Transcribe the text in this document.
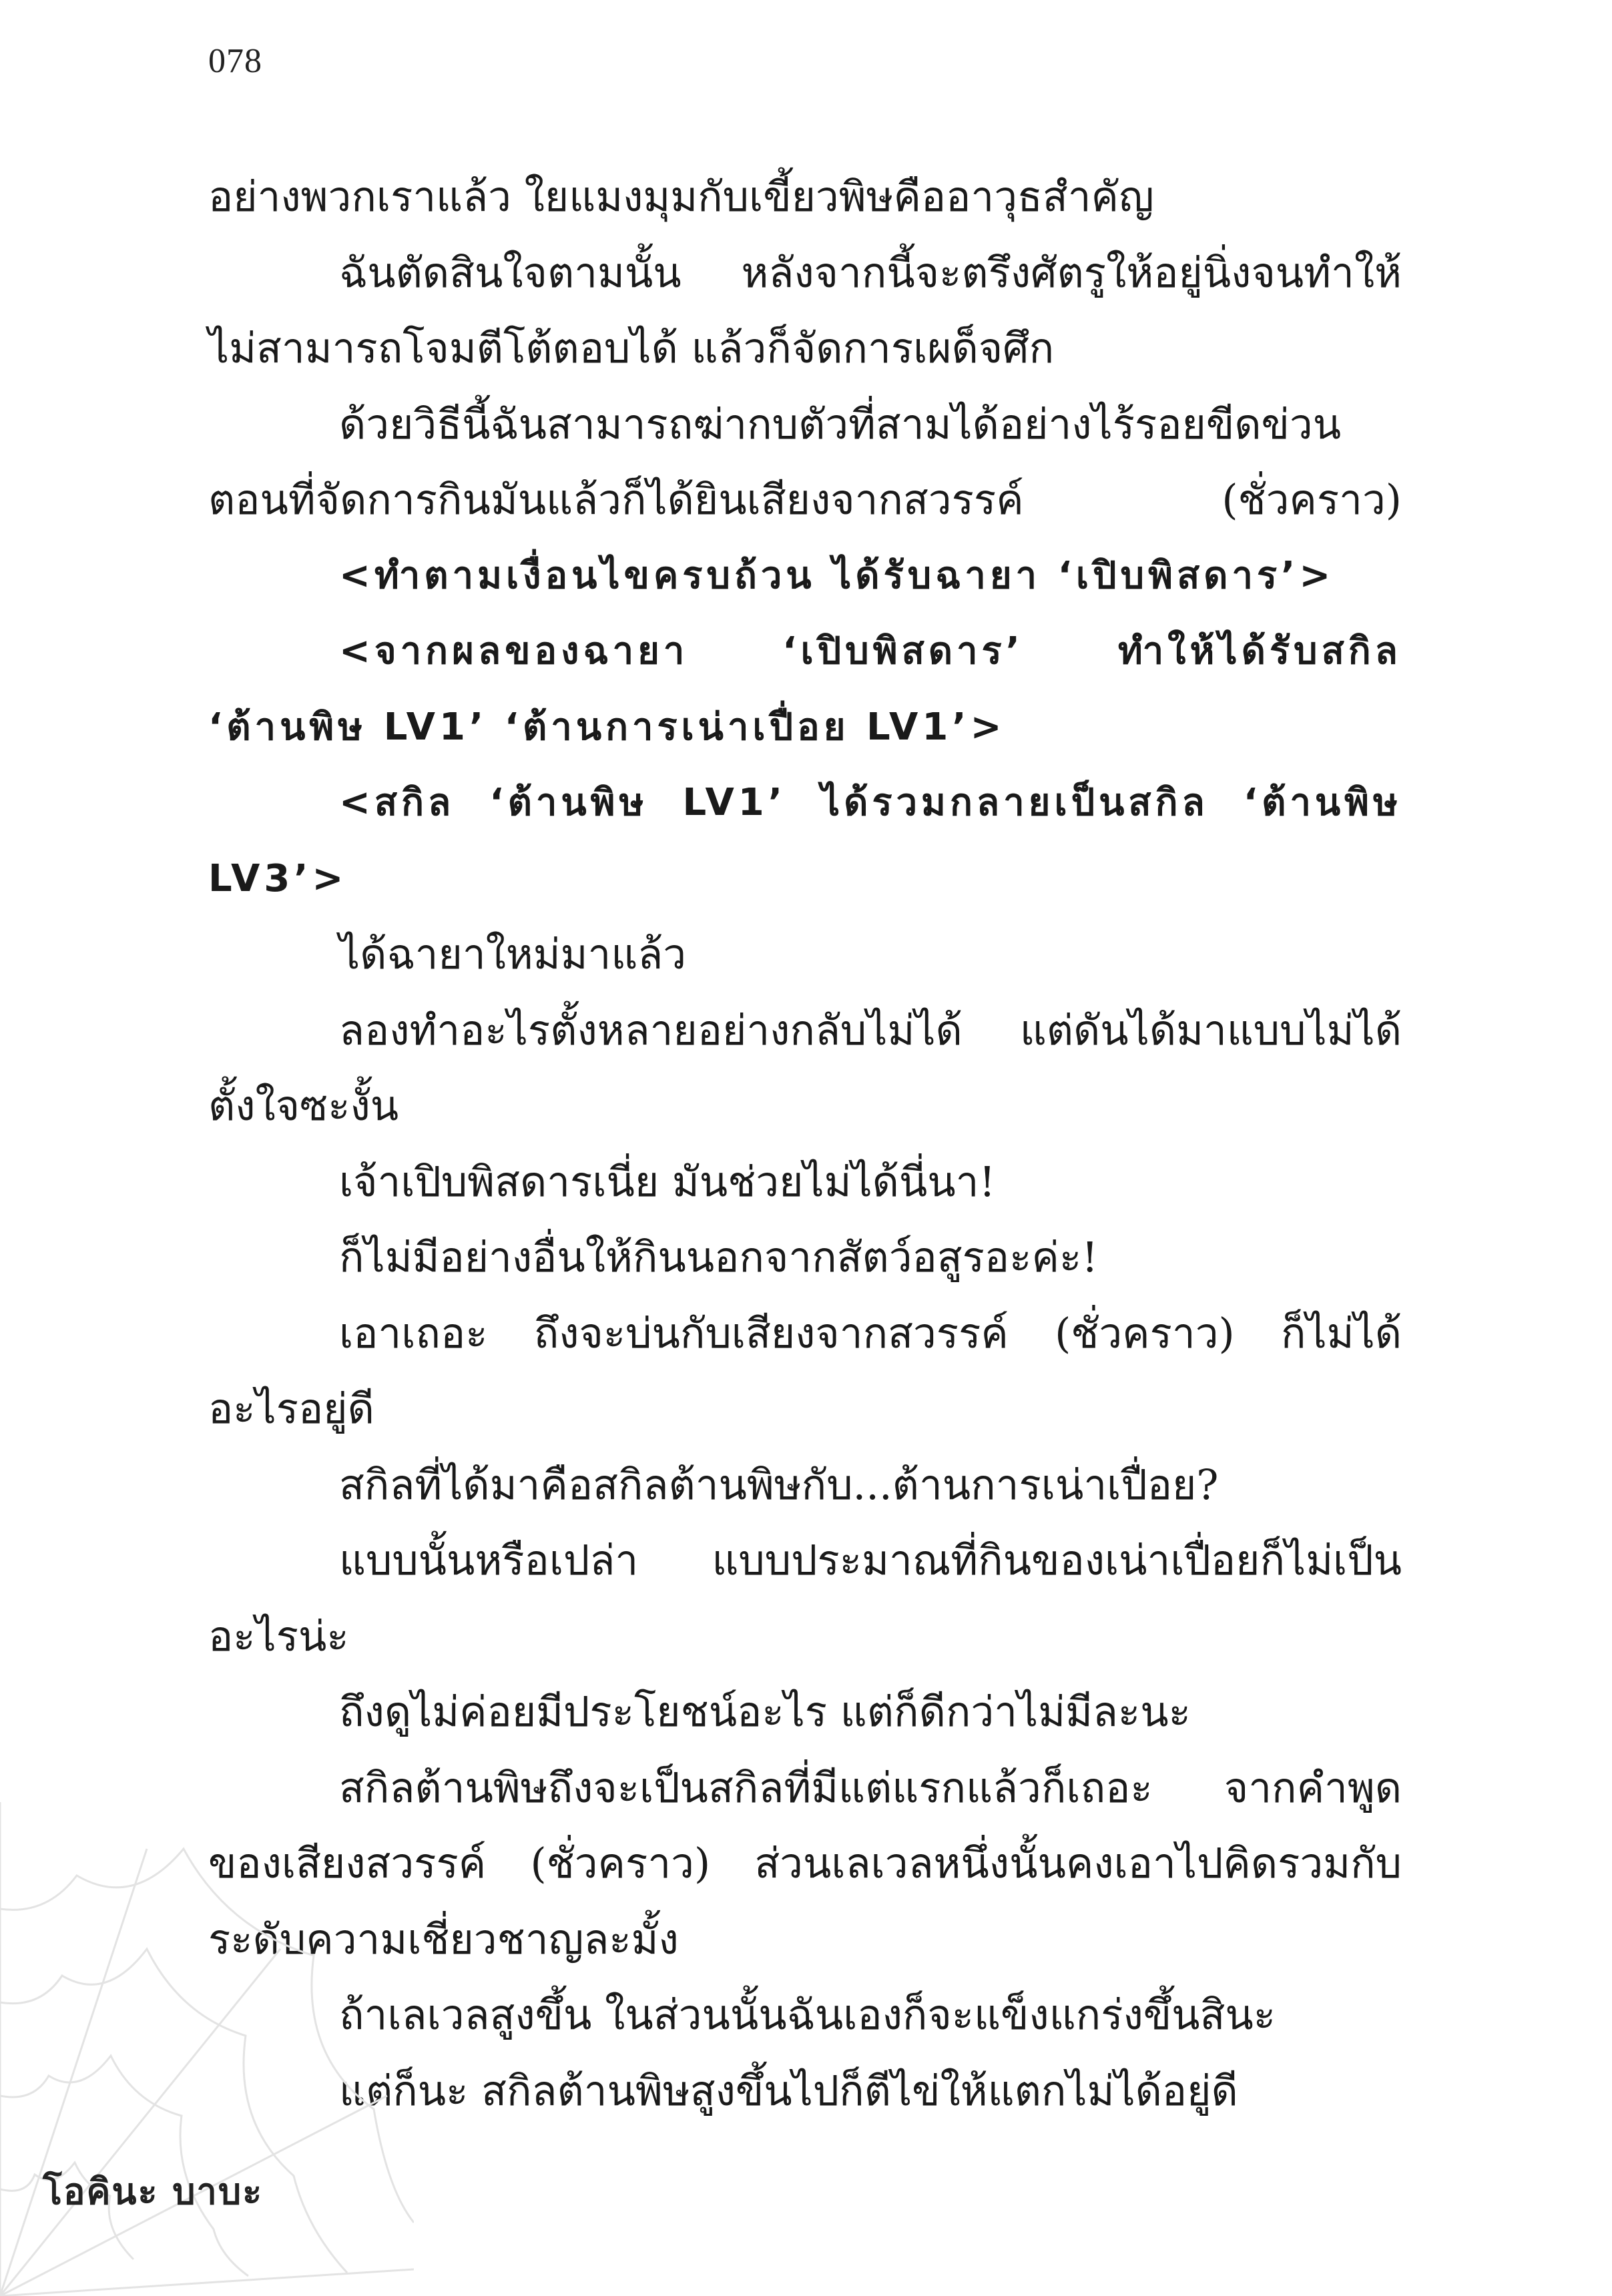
078
อย่างพวกเราแล้ว ใยแมงมุมกับเขี้ยวพิษคืออาวุธสำคัญ
ฉันตัดสินใจตามนั้น หลังจากนี้จะตรึงศัตรูให้อยู่นิ่งจนทำให้
ไม่สามารถโจมตีโต้ตอบได้ แล้วก็จัดการเผด็จศึก
ด้วยวิธีนี้ฉันสามารถฆ่ากบตัวที่สามได้อย่างไร้รอยขีดข่วน
ตอนที่จัดการกินมันแล้วก็ได้ยินเสียงจากสวรรค์ (ชั่วคราว)
<ทำตามเงื่อนไขครบถ้วน ได้รับฉายา ‘เปิบพิสดาร’>
<จากผลของฉายา ‘เปิบพิสดาร’ ทำให้ได้รับสกิล
‘ต้านพิษ LV1’ ‘ต้านการเน่าเปื่อย LV1’>
<สกิล ‘ต้านพิษ LV1’ ได้รวมกลายเป็นสกิล ‘ต้านพิษ
LV3’>
ได้ฉายาใหม่มาแล้ว
ลองทำอะไรตั้งหลายอย่างกลับไม่ได้ แต่ดันได้มาแบบไม่ได้
ตั้งใจซะงั้น
เจ้าเปิบพิสดารเนี่ย มันช่วยไม่ได้นี่นา!
ก็ไม่มีอย่างอื่นให้กินนอกจากสัตว์อสูรอะค่ะ!
เอาเถอะ ถึงจะบ่นกับเสียงจากสวรรค์ (ชั่วคราว) ก็ไม่ได้
อะไรอยู่ดี
สกิลที่ได้มาคือสกิลต้านพิษกับ...ต้านการเน่าเปื่อย?
แบบนั้นหรือเปล่า แบบประมาณที่กินของเน่าเปื่อยก็ไม่เป็น
อะไรน่ะ
ถึงดูไม่ค่อยมีประโยชน์อะไร แต่ก็ดีกว่าไม่มีละนะ
สกิลต้านพิษถึงจะเป็นสกิลที่มีแต่แรกแล้วก็เถอะ จากคำพูด
ของเสียงสวรรค์ (ชั่วคราว) ส่วนเลเวลหนึ่งนั้นคงเอาไปคิดรวมกับ
ระดับความเชี่ยวชาญละมั้ง
ถ้าเลเวลสูงขึ้น ในส่วนนั้นฉันเองก็จะแข็งแกร่งขึ้นสินะ
แต่ก็นะ สกิลต้านพิษสูงขึ้นไปก็ตีไข่ให้แตกไม่ได้อยู่ดี
โอคินะ บาบะ
